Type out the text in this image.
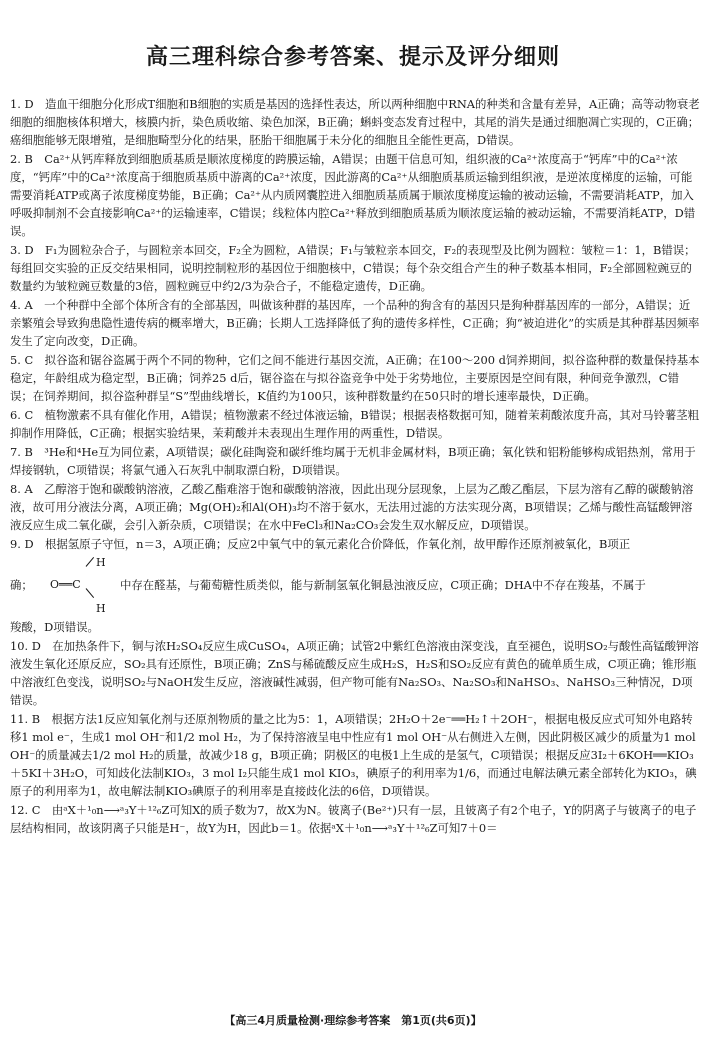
高三理科综合参考答案、提示及评分细则

1. D　造血干细胞分化形成T细胞和B细胞的实质是基因的选择性表达，所以两种细胞中RNA的种类和含量有差异，A正确；高等动物衰老细胞的细胞核体积增大，核膜内折，染色质收缩、染色加深，B正确；蝌蚪变态发育过程中，其尾的消失是通过细胞凋亡实现的，C正确；癌细胞能够无限增殖，是细胞畸型分化的结果，胚胎干细胞属于未分化的细胞且全能性更高，D错误。

2. B　Ca²⁺从钙库释放到细胞质基质是顺浓度梯度的跨膜运输，A错误；由题干信息可知，组织液的Ca²⁺浓度高于“钙库”中的Ca²⁺浓度，“钙库”中的Ca²⁺浓度高于细胞质基质中游离的Ca²⁺浓度，因此游离的Ca²⁺从细胞质基质运输到组织液，是逆浓度梯度的运输，可能需要消耗ATP或离子浓度梯度势能，B正确；Ca²⁺从内质网囊腔进入细胞质基质属于顺浓度梯度运输的被动运输，不需要消耗ATP，加入呼吸抑制剂不会直接影响Ca²⁺的运输速率，C错误；线粒体内腔Ca²⁺释放到细胞质基质为顺浓度运输的被动运输，不需要消耗ATP，D错误。

3. D　F₁为圆粒杂合子，与圆粒亲本回交，F₂全为圆粒，A错误；F₁与皱粒亲本回交，F₂的表现型及比例为圆粒：皱粒＝1：1，B错误；每组回交实验的正反交结果相同，说明控制粒形的基因位于细胞核中，C错误；每个杂交组合产生的种子数基本相同，F₂全部圆粒豌豆的数量约为皱粒豌豆数量的3倍，圆粒豌豆中约2/3为杂合子，不能稳定遗传，D正确。

4. A　一个种群中全部个体所含有的全部基因，叫做该种群的基因库，一个品种的狗含有的基因只是狗种群基因库的一部分，A错误；近亲繁殖会导致狗患隐性遗传病的概率增大，B正确；长期人工选择降低了狗的遗传多样性，C正确；狗“被迫进化”的实质是其种群基因频率发生了定向改变，D正确。

5. C　拟谷盗和锯谷盗属于两个不同的物种，它们之间不能进行基因交流，A正确；在100～200 d饲养期间，拟谷盗种群的数量保持基本稳定，年龄组成为稳定型，B正确；饲养25 d后，锯谷盗在与拟谷盗竞争中处于劣势地位，主要原因是空间有限，种间竞争激烈，C错误；在饲养期间，拟谷盗种群呈“S”型曲线增长，K值约为100只，该种群数量约在50只时的增长速率最快，D正确。

6. C　植物激素不具有催化作用，A错误；植物激素不经过体液运输，B错误；根据表格数据可知，随着茉莉酸浓度升高，其对马铃薯茎粗抑制作用降低，C正确；根据实验结果，茉莉酸并未表现出生理作用的两重性，D错误。

7. B　³He和⁴He互为同位素，A项错误；碳化硅陶瓷和碳纤维均属于无机非金属材料，B项正确；氧化铁和铝粉能够构成铝热剂，常用于焊接钢轨，C项错误；将氯气通入石灰乳中制取漂白粉，D项错误。

8. A　乙醇溶于饱和碳酸钠溶液，乙酸乙酯难溶于饱和碳酸钠溶液，因此出现分层现象，上层为乙酸乙酯层，下层为溶有乙醇的碳酸钠溶液，故可用分液法分离，A项正确；Mg(OH)₂和Al(OH)₃均不溶于氨水，无法用过滤的方法实现分离，B项错误；乙烯与酸性高锰酸钾溶液反应生成二氧化碳，会引入新杂质，C项错误；在水中FeCl₃和Na₂CO₃会发生双水解反应，D项错误。

9. D　根据氢原子守恒，n＝3，A项正确；反应2中氧气中的氧元素化合价降低，作氧化剂，故甲醇作还原剂被氧化，B项正

确；
H
O══C
H
中存在醛基，与葡萄糖性质类似，能与新制氢氧化铜悬浊液反应，C项正确；DHA中不存在羧基，不属于

羧酸，D项错误。

10. D　在加热条件下，铜与浓H₂SO₄反应生成CuSO₄，A项正确；试管2中紫红色溶液由深变浅，直至褪色，说明SO₂与酸性高锰酸钾溶液发生氧化还原反应，SO₂具有还原性，B项正确；ZnS与稀硫酸反应生成H₂S，H₂S和SO₂反应有黄色的硫单质生成，C项正确；锥形瓶中溶液红色变浅，说明SO₂与NaOH发生反应，溶液碱性减弱，但产物可能有Na₂SO₃、Na₂SO₃和NaHSO₃、NaHSO₃三种情况，D项错误。

11. B　根据方法1反应知氧化剂与还原剂物质的量之比为5：1，A项错误；2H₂O＋2e⁻══H₂↑＋2OH⁻，根据电极反应式可知外电路转移1 mol e⁻，生成1 mol OH⁻和1/2 mol H₂，为了保持溶液呈电中性应有1 mol OH⁻从右侧进入左侧，因此阴极区减少的质量为1 mol OH⁻的质量减去1/2 mol H₂的质量，故减少18 g，B项正确；阴极区的电极1上生成的是氢气，C项错误；根据反应3I₂＋6KOH══KIO₃＋5KI＋3H₂O，可知歧化法制KIO₃，3 mol I₂只能生成1 mol KIO₃，碘原子的利用率为1/6，而通过电解法碘元素全部转化为KIO₃，碘原子的利用率为1，故电解法制KIO₃碘原子的利用率是直接歧化法的6倍，D项错误。

12. C　由ᵃX＋¹₀n⟶ᵃ₃Y＋¹²₆Z可知X的质子数为7，故X为N。铍离子(Be²⁺)只有一层，且铍离子有2个电子，Y的阴离子与铍离子的电子层结构相同，故该阴离子只能是H⁻，故Y为H，因此b＝1。依据ᵃX＋¹₀n⟶ᵃ₃Y＋¹²₆Z可知7＋0＝

【高三4月质量检测·理综参考答案　第1页(共6页)】
